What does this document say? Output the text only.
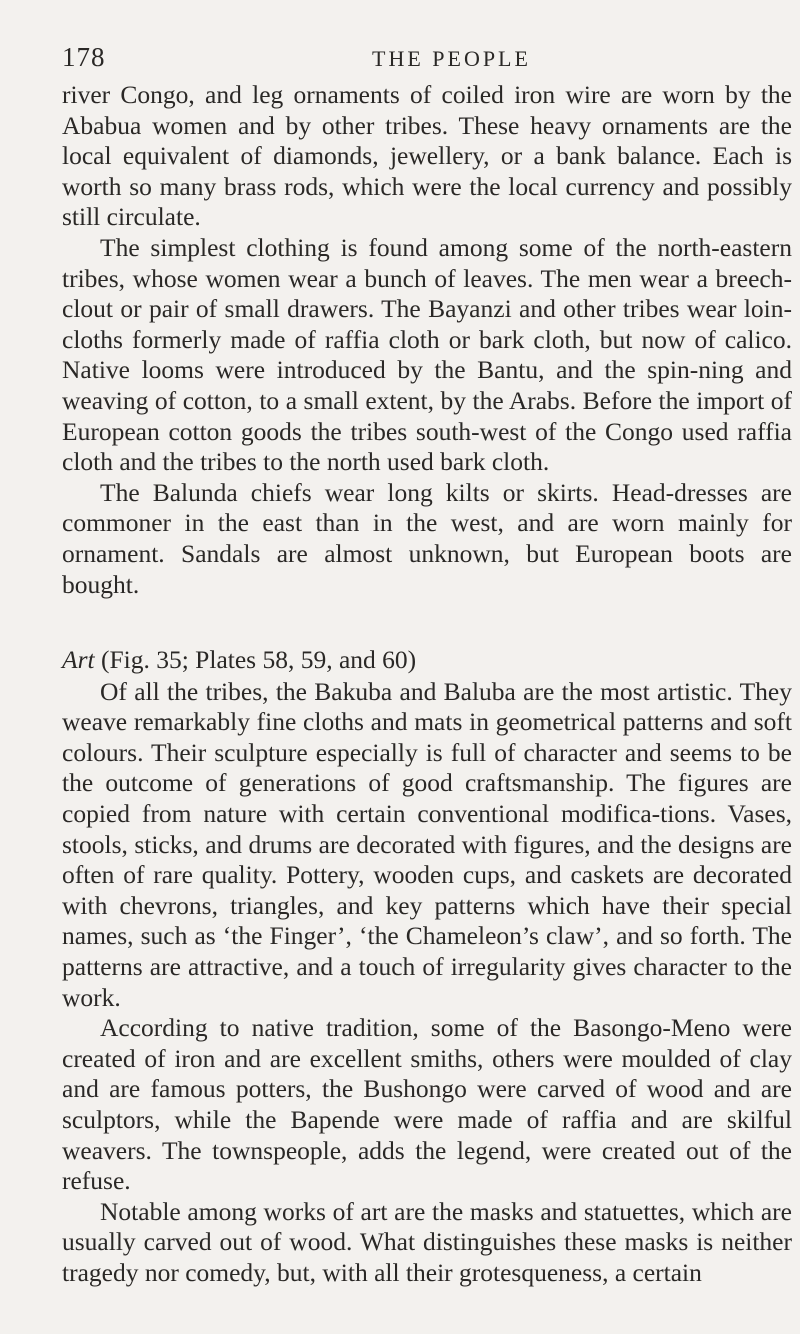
178	THE PEOPLE

river Congo, and leg ornaments of coiled iron wire are worn by the Ababua women and by other tribes. These heavy ornaments are the local equivalent of diamonds, jewellery, or a bank balance. Each is worth so many brass rods, which were the local currency and possibly still circulate.

The simplest clothing is found among some of the north-eastern tribes, whose women wear a bunch of leaves. The men wear a breech-clout or pair of small drawers. The Bayanzi and other tribes wear loin-cloths formerly made of raffia cloth or bark cloth, but now of calico. Native looms were introduced by the Bantu, and the spin-ning and weaving of cotton, to a small extent, by the Arabs. Before the import of European cotton goods the tribes south-west of the Congo used raffia cloth and the tribes to the north used bark cloth.

The Balunda chiefs wear long kilts or skirts. Head-dresses are commoner in the east than in the west, and are worn mainly for ornament. Sandals are almost unknown, but European boots are bought.

Art (Fig. 35; Plates 58, 59, and 60)

Of all the tribes, the Bakuba and Baluba are the most artistic. They weave remarkably fine cloths and mats in geometrical patterns and soft colours. Their sculpture especially is full of character and seems to be the outcome of generations of good craftsmanship. The figures are copied from nature with certain conventional modifica-tions. Vases, stools, sticks, and drums are decorated with figures, and the designs are often of rare quality. Pottery, wooden cups, and caskets are decorated with chevrons, triangles, and key patterns which have their special names, such as ‘the Finger’, ‘the Chameleon’s claw’, and so forth. The patterns are attractive, and a touch of irregularity gives character to the work.

According to native tradition, some of the Basongo-Meno were created of iron and are excellent smiths, others were moulded of clay and are famous potters, the Bushongo were carved of wood and are sculptors, while the Bapende were made of raffia and are skilful weavers. The townspeople, adds the legend, were created out of the refuse.

Notable among works of art are the masks and statuettes, which are usually carved out of wood. What distinguishes these masks is neither tragedy nor comedy, but, with all their grotesqueness, a certain
